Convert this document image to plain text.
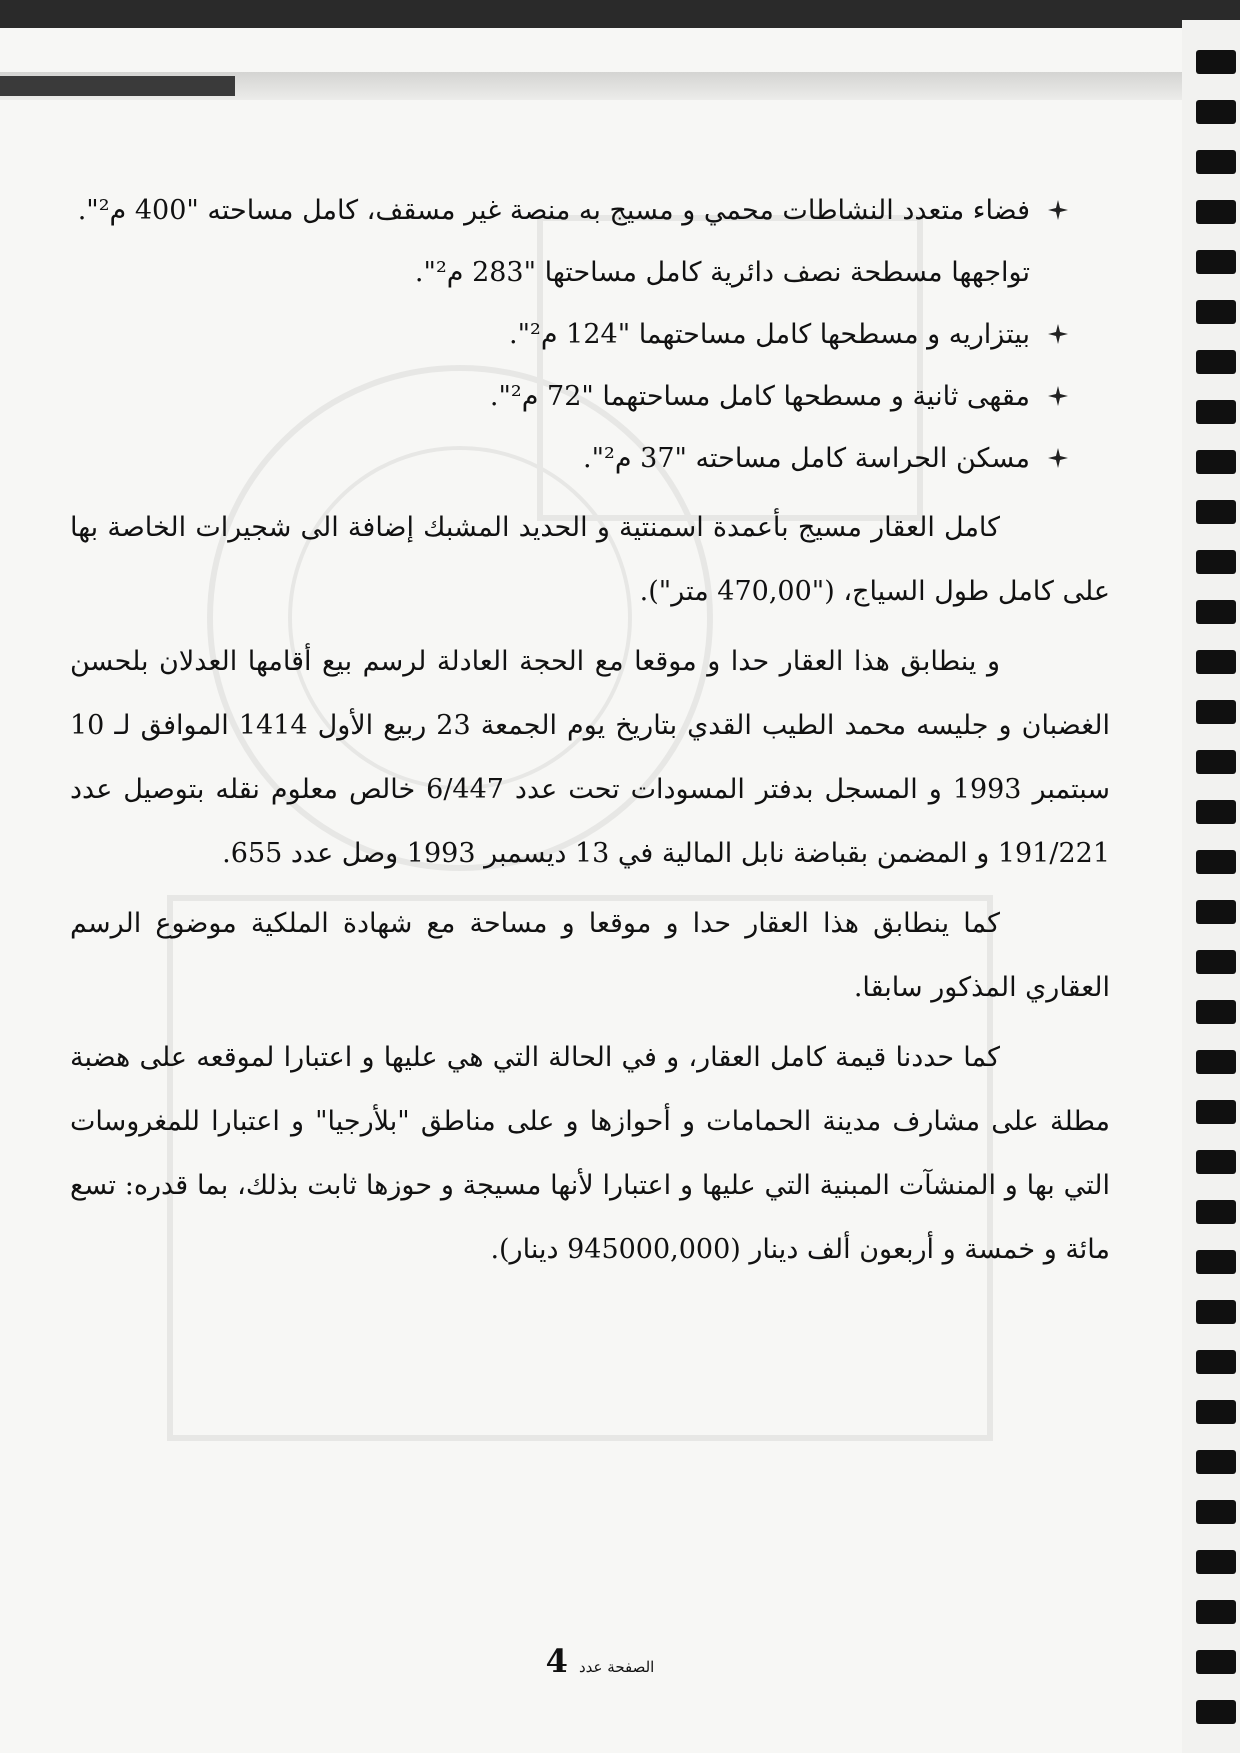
فضاء متعدد النشاطات محمي و مسيج به منصة غير مسقف، كامل مساحته "400 م²". تواجهها مسطحة نصف دائرية كامل مساحتها "283 م²".
بيتزاريه و مسطحها كامل مساحتهما "124 م²".
مقهى ثانية و مسطحها كامل مساحتهما "72 م²".
مسكن الحراسة كامل مساحته "37 م²".

كامل العقار مسيج بأعمدة اسمنتية و الحديد المشبك إضافة الى شجيرات الخاصة بها على كامل طول السياج، ("470,00 متر").

و ينطابق هذا العقار حدا و موقعا مع الحجة العادلة لرسم بيع أقامها العدلان بلحسن الغضبان و جليسه محمد الطيب القدي بتاريخ يوم الجمعة 23 ربيع الأول 1414 الموافق لـ 10 سبتمبر 1993 و المسجل بدفتر المسودات تحت عدد 6/447 خالص معلوم نقله بتوصيل عدد 191/221 و المضمن بقباضة نابل المالية في 13 ديسمبر 1993 وصل عدد 655.

كما ينطابق هذا العقار حدا و موقعا و مساحة مع شهادة الملكية موضوع الرسم العقاري المذكور سابقا.

كما حددنا قيمة كامل العقار، و في الحالة التي هي عليها و اعتبارا لموقعه على هضبة مطلة على مشارف مدينة الحمامات و أحوازها و على مناطق "بلأرجيا" و اعتبارا للمغروسات التي بها و المنشآت المبنية التي عليها و اعتبارا لأنها مسيجة و حوزها ثابت بذلك، بما قدره: تسع مائة و خمسة و أربعون ألف دينار (945000,000 دينار).

الصفحة عدد 4
